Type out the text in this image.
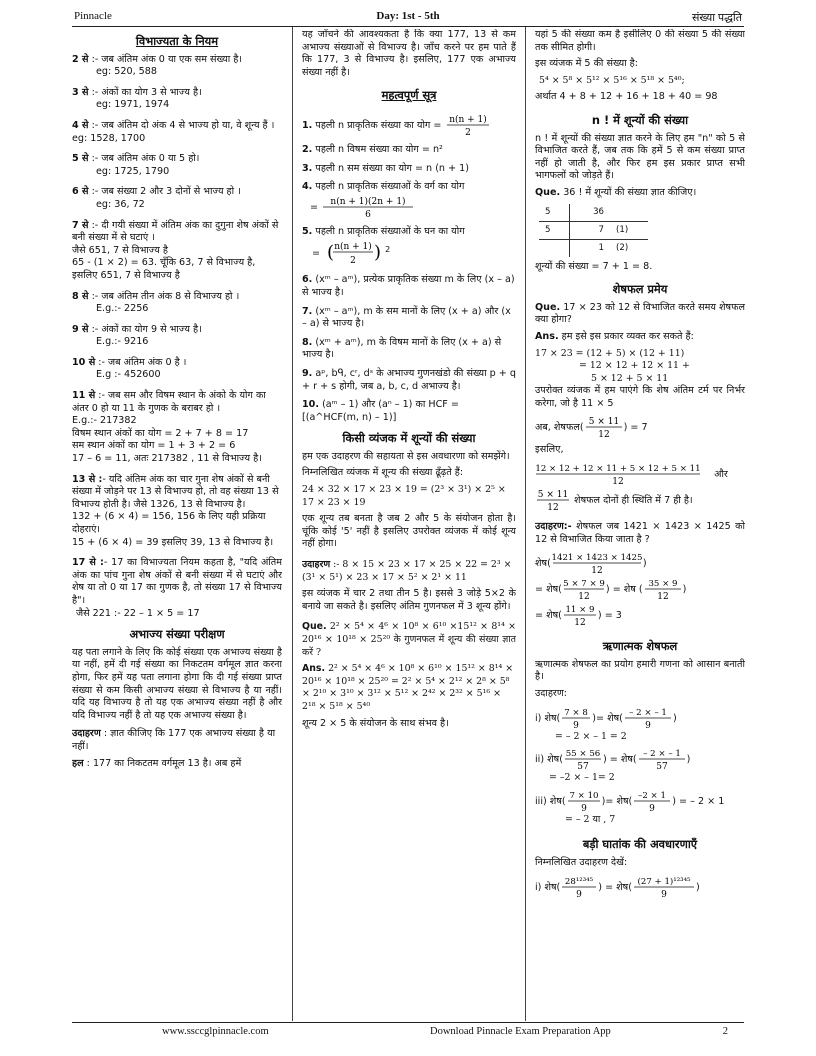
Pinnacle	Day: 1st - 5th	संख्या पद्धति
विभाज्यता के नियम
2 से :- जब अंतिम अंक 0 या एक सम संख्या है।
eg: 520, 588
3 से :- अंकों का योग 3 से भाज्य है।
eg: 1971, 1974
4 से :- जब अंतिम दो अंक 4 से भाज्य हो या, वे शून्य हैं । eg: 1528, 1700
5 से :- जब अंतिम अंक 0 या 5 हो।
eg: 1725, 1790
6 से :- जब संख्या 2 और 3 दोनों से भाज्य हो ।
eg: 36, 72
7 से :- दी गयी संख्या में अंतिम अंक का दुगुना शेष अंकों से बनी संख्या में से घटाएं ।
जैसे 651, 7 से विभाज्य है
65 - (1 × 2) = 63. चूँकि 63, 7 से विभाज्य है, इसलिए 651, 7 से विभाज्य है
8 से :- जब अंतिम तीन अंक 8 से विभाज्य हो ।
E.g.:- 2256
9 से :- अंकों का योग 9 से भाज्य है।
E.g.:- 9216
10 से :- जब अंतिम अंक 0 है ।
E.g :- 452600
11 से :- जब सम और विषम स्थान के अंको के योग का अंतर 0 हो या 11 के गुणक के बराबर हो ।
E.g.:- 217382
विषम स्थान अंकों का योग = 2 + 7 + 8 = 17
सम स्थान अंकों का योग = 1 + 3 + 2 = 6
17 – 6 = 11, अतः 217382 , 11 से विभाज्य है।
13 से :- यदि अंतिम अंक का चार गुना शेष अंकों से बनी संख्या में जोड़ने पर 13 से विभाज्य हो, तो वह संख्या 13 से विभाज्य होती है। जैसे 1326, 13 से विभाज्य है।
132 + (6 × 4) = 156, 156 के लिए यही प्रक्रिया दोहराएं।
15 + (6 × 4) = 39 इसलिए 39, 13 से विभाज्य है।
17 से :- 17 का विभाज्यता नियम कहता है, "यदि अंतिम अंक का पांच गुना शेष अंकों से बनी संख्या में से घटाएं और शेष या तो 0 या 17 का गुणक है, तो संख्या 17 से विभाज्य है"।
जैसे 221 :- 22 – 1 × 5 = 17
अभाज्य संख्या परीक्षण

यह पता लगाने के लिए कि कोई संख्या एक अभाज्य संख्या है या नहीं, हमें दी गई संख्या का निकटतम वर्गमूल ज्ञात करना होगा, फिर हमें यह पता लगाना होगा कि दी गई संख्या प्राप्त संख्या से कम किसी अभाज्य संख्या से विभाज्य है या नहीं। यदि यह विभाज्य है तो यह एक अभाज्य संख्या नहीं है और यदि विभाज्य नहीं है तो यह एक अभाज्य संख्या है।

उदाहरण : ज्ञात कीजिए कि 177 एक अभाज्य संख्या है या नहीं।

हल : 177 का निकटतम वर्गमूल 13 है। अब हमें

यह जाँचने की आवश्यकता है कि क्या 177, 13 से कम अभाज्य संख्याओं से विभाज्य है। जाँच करने पर हम पाते हैं कि 177, 3 से विभाज्य है। इसलिए, 177 एक अभाज्य संख्या नहीं है।

महत्वपूर्ण सूत्र
1. पहली n प्राकृतिक संख्या का योग = n(n + 1)
2
2. पहली n विषम संख्या का योग = n²
3. पहली n सम संख्या का योग = n (n + 1)
4. पहली n प्राकृतिक संख्याओं के वर्ग का योग
= n(n + 1)(2n + 1)
6
5. पहली n प्राकृतिक संख्याओं के घन का योग
= ( n(n + 1)
2 ) $^2$
6. (xᵐ – aᵐ), प्रत्येक प्राकृतिक संख्या m के लिए (x – a) से भाज्य है।
7. (xᵐ – aᵐ), m के सम मानों के लिए (x + a) और (x – a) से भाज्य है।
8. (xᵐ + aᵐ), m के विषम मानों के लिए (x + a) से भाज्य है।
9. aᵖ, bᑫ, cʳ, dˢ के अभाज्य गुणनखंडो की संख्या p + q + r + s होगी, जब a, b, c, d अभाज्य है।
10. (aᵐ – 1) और (aⁿ – 1) का HCF = [(a^HCF(m, n) – 1)]
किसी व्यंजक में शून्यों की संख्या

हम एक उदाहरण की सहायता से इस अवधारणा को समझेंगे।

निम्नलिखित व्यंजक में शून्य की संख्या ढूँढ़ते हैं:

24 × 32 × 17 × 23 × 19 = (2³ × 3¹) × 2⁵ × 17 × 23 × 19

एक शून्य तब बनता है जब 2 और 5 के संयोजन होता है। चूंकि कोई '5' नहीं है इसलिए उपरोक्त व्यंजक में कोई शून्य नहीं होगा।

उदाहरण :- 8 × 15 × 23 × 17 × 25 × 22 = 2³ × (3¹ × 5¹) × 23 × 17 × 5² × 2¹ × 11

इस व्यंजक में चार 2 तथा तीन 5 है। इससे 3 जोड़े 5×2 के बनाये जा सकते है। इसलिए अंतिम गुणनफल में 3 शून्य होंगे।

Que. 2² × 5⁴ × 4⁶ × 10⁸ × 6¹⁰ ×15¹² × 8¹⁴ × 20¹⁶ × 10¹⁸ × 25²⁰ के गुणनफल में शून्य की संख्या ज्ञात करें ?

Ans. 2² × 5⁴ × 4⁶ × 10⁸ × 6¹⁰ × 15¹² × 8¹⁴ × 20¹⁶ × 10¹⁸ × 25²⁰ = 2² × 5⁴ × 2¹² × 2⁸ × 5⁸ × 2¹⁰ × 3¹⁰ × 3¹² × 5¹² × 2⁴² × 2³² × 5¹⁶ × 2¹⁸ × 5¹⁸ × 5⁴⁰

शून्य 2 × 5 के संयोजन के साथ संभव है।

यहां 5 की संख्या कम है इसीलिए 0 की संख्या 5 की संख्या तक सीमित होगी।

इस व्यंजक में 5 की संख्या है:

5⁴ × 5⁸ × 5¹² × 5¹⁶ × 5¹⁸ × 5⁴⁰;

अर्थात 4 + 8 + 12 + 16 + 18 + 40 = 98

n ! में शून्यों की संख्या

n ! में शून्यों की संख्या ज्ञात करने के लिए हम "n" को 5 से विभाजित करते हैं, जब तक कि हमें 5 से कम संख्या प्राप्त नहीं हो जाती है, और फिर हम इस प्रकार प्राप्त सभी भागफलों को जोड़ते हैं।

Que. 36 ! में शून्यों की संख्या ज्ञात कीजिए।

5	36	
5	7	(1)
	1	(2)

शून्यों की संख्या = 7 + 1 = 8.

शेषफल प्रमेय

Que. 17 × 23 को 12 से विभाजित करते समय शेषफल क्या होगा?

Ans. हम इसे इस प्रकार व्यक्त कर सकते हैं:

17 × 23 = (12 + 5) × (12 + 11)
= 12 × 12 + 12 × 11 +
5 × 12 + 5 × 11

उपरोक्त व्यंजक में हम पाएंगे कि शेष अंतिम टर्म पर निर्भर करेगा, जो है 11 × 5

अब, शेषफल( 5 × 11
12
) = 7

इसलिए,

12 × 12 + 12 × 11 + 5 × 12 + 5 × 11
12
और
5 × 11
12
शेषफल दोनों ही स्थिति में 7 ही है।

उदाहरण:- शेषफल जब 1421 × 1423 × 1425 को 12 से विभाजित किया जाता है ?

शेष( 1421 × 1423 × 1425
12
)
= शेष( 5 × 7 × 9
12
) = शेष ( 35 × 9
12
)
= शेष( 11 × 9
12
) = 3
ऋणात्मक शेषफल

ऋणात्मक शेषफल का प्रयोग हमारी गणना को आसान बनाती है।

उदाहरण:

i) शेष( 7 × 8
9
)= शेष( – 2 × – 1
9
)
= – 2 × – 1 = 2
ii) शेष( 55 × 56
57
) = शेष( – 2 × – 1
57
)
= –2 × – 1= 2
iii) शेष( 7 × 10
9
)= शेष( –2 × 1
9
) = – 2 × 1
= – 2 या , 7
बड़ी घातांक की अवधारणाएँ

निम्नलिखित उदाहरण देखें:

i) शेष( 28¹²³⁴⁵
9
) = शेष( (27 + 1)¹²³⁴⁵
9
)
www.ssccglpinnacle.com	Download Pinnacle Exam Preparation App	2
